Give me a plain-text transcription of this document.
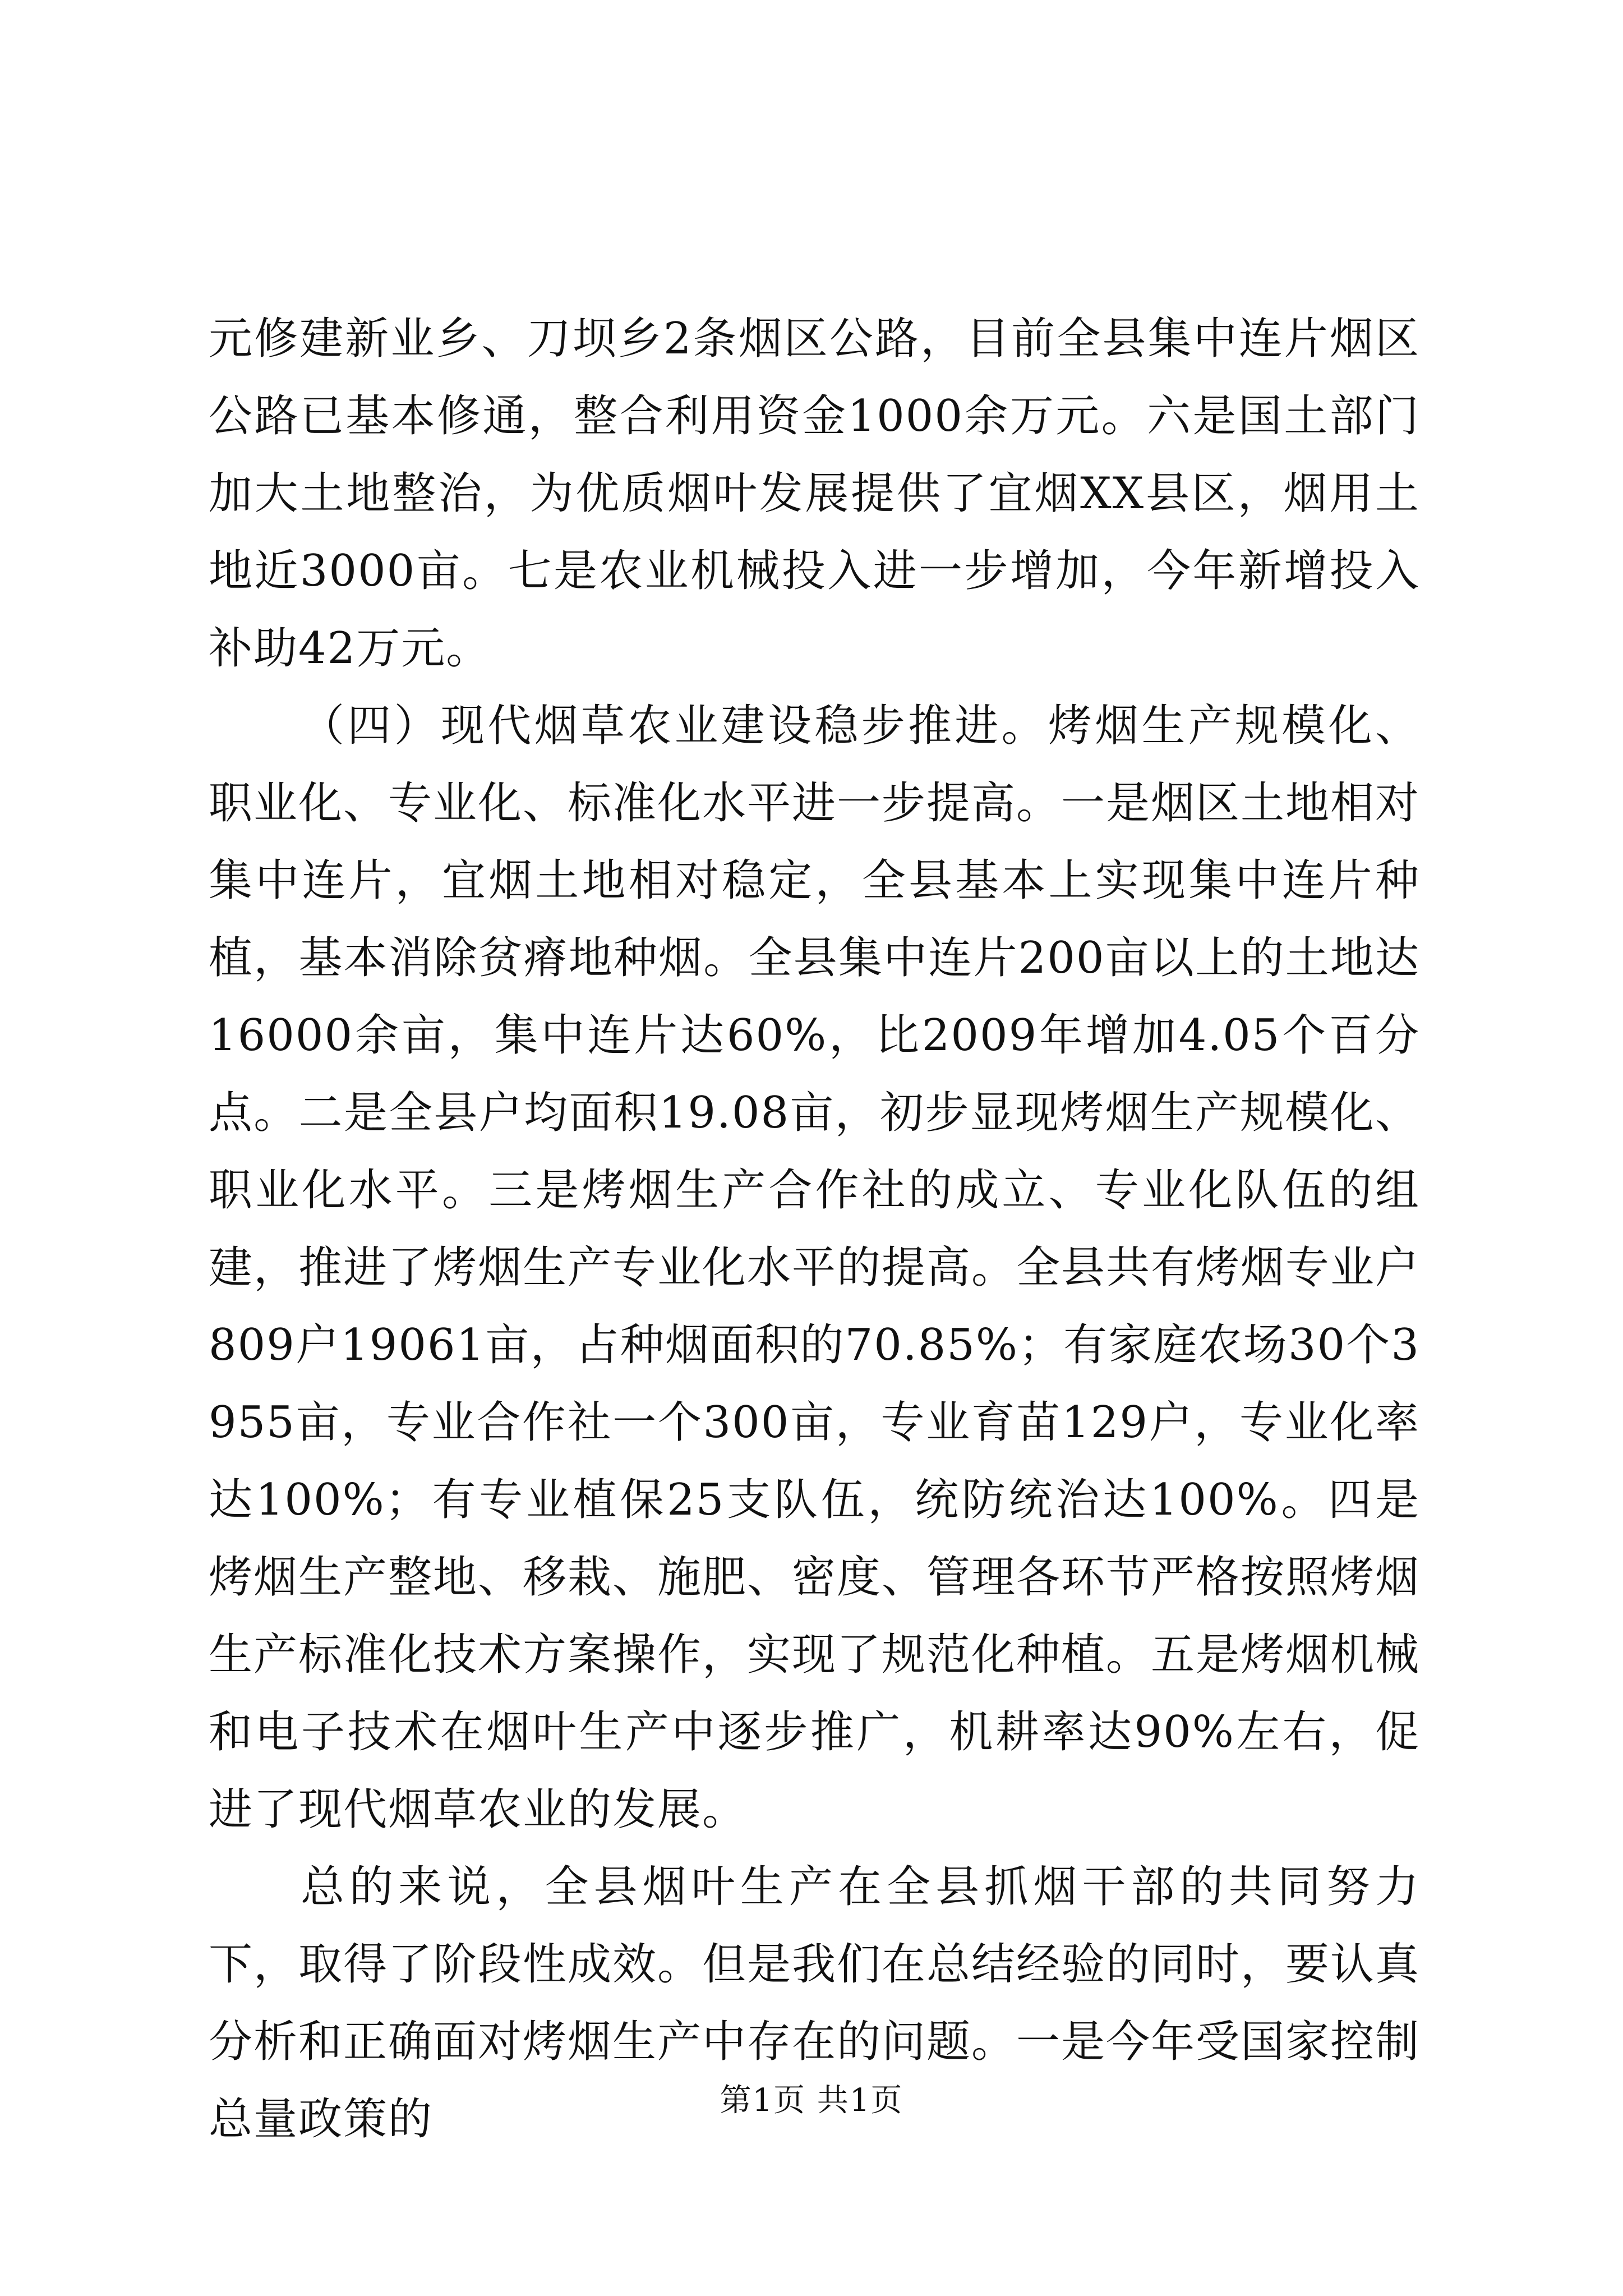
元修建新业乡、刀坝乡2条烟区公路，目前全县集中连片烟区公路已基本修通，整合利用资金1000余万元。六是国土部门加大土地整治，为优质烟叶发展提供了宜烟XX县区，烟用土地近3000亩。七是农业机械投入进一步增加，今年新增投入补助42万元。

（四）现代烟草农业建设稳步推进。烤烟生产规模化、职业化、专业化、标准化水平进一步提高。一是烟区土地相对集中连片，宜烟土地相对稳定，全县基本上实现集中连片种植，基本消除贫瘠地种烟。全县集中连片200亩以上的土地达16000余亩，集中连片达60%，比2009年增加4.05个百分点。二是全县户均面积19.08亩，初步显现烤烟生产规模化、职业化水平。三是烤烟生产合作社的成立、专业化队伍的组建，推进了烤烟生产专业化水平的提高。全县共有烤烟专业户809户19061亩，占种烟面积的70.85%；有家庭农场30个3955亩，专业合作社一个300亩，专业育苗129户，专业化率达100%；有专业植保25支队伍，统防统治达100%。四是烤烟生产整地、移栽、施肥、密度、管理各环节严格按照烤烟生产标准化技术方案操作，实现了规范化种植。五是烤烟机械和电子技术在烟叶生产中逐步推广，机耕率达90%左右，促进了现代烟草农业的发展。

总的来说，全县烟叶生产在全县抓烟干部的共同努力下，取得了阶段性成效。但是我们在总结经验的同时，要认真分析和正确面对烤烟生产中存在的问题。一是今年受国家控制总量政策的	第1页 共1页
